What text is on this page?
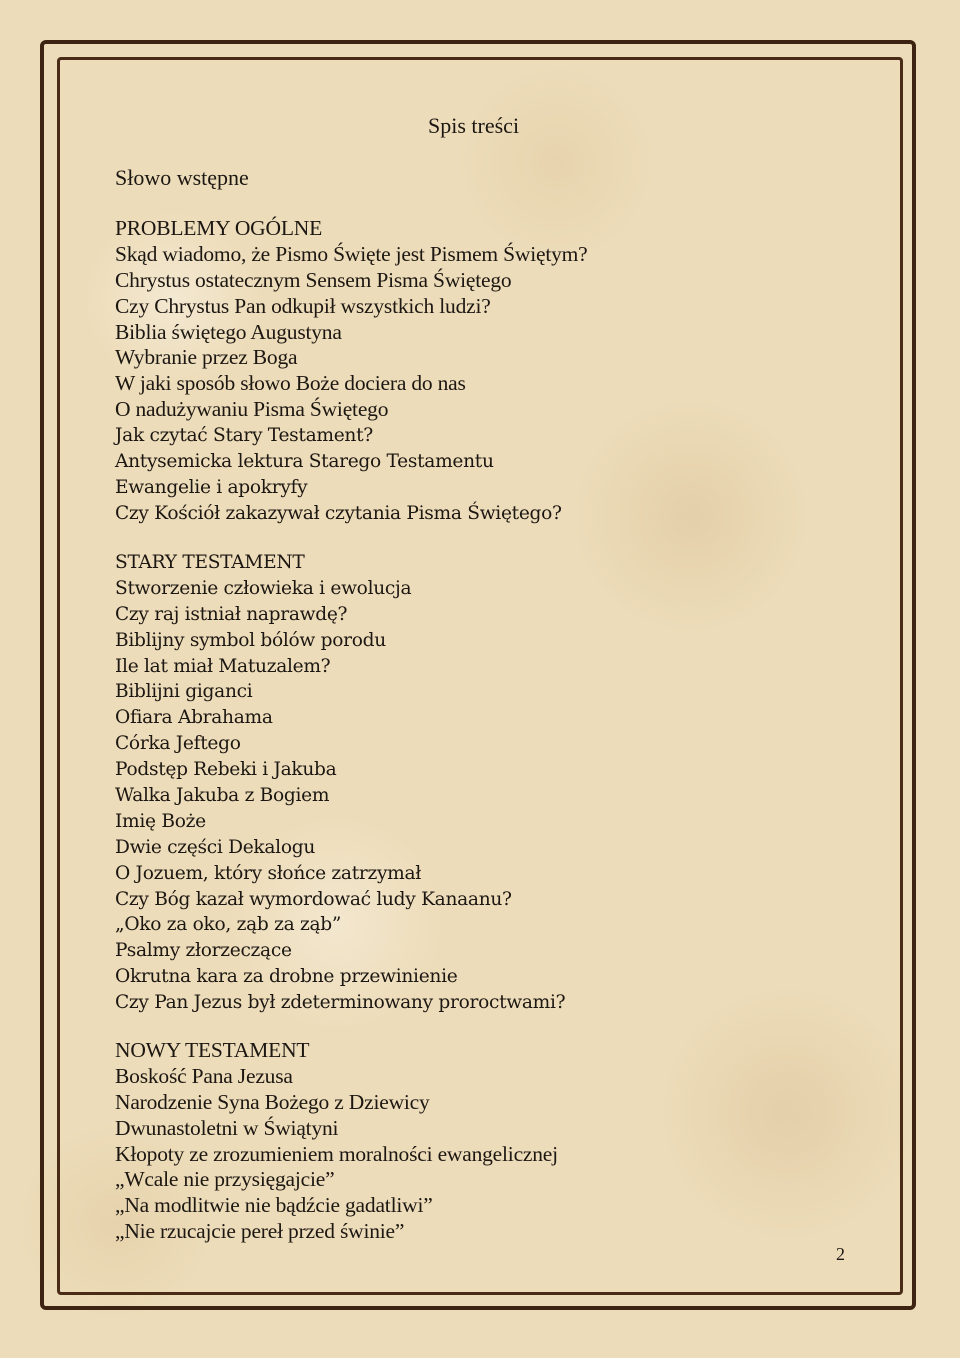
Spis treści
Słowo wstępne
PROBLEMY OGÓLNE
Skąd wiadomo, że Pismo Święte jest Pismem Świętym?
Chrystus ostatecznym Sensem Pisma Świętego
Czy Chrystus Pan odkupił wszystkich ludzi?
Biblia świętego Augustyna
Wybranie przez Boga
W jaki sposób słowo Boże dociera do nas
O nadużywaniu Pisma Świętego
Jak czytać Stary Testament?
Antysemicka lektura Starego Testamentu
Ewangelie i apokryfy
Czy Kościół zakazywał czytania Pisma Świętego?
STARY TESTAMENT
Stworzenie człowieka i ewolucja
Czy raj istniał naprawdę?
Biblijny symbol bólów porodu
Ile lat miał Matuzalem?
Biblijni giganci
Ofiara Abrahama
Córka Jeftego
Podstęp Rebeki i Jakuba
Walka Jakuba z Bogiem
Imię Boże
Dwie części Dekalogu
O Jozuem, który słońce zatrzymał
Czy Bóg kazał wymordować ludy Kanaanu?
„Oko za oko, ząb za ząb”
Psalmy złorzeczące
Okrutna kara za drobne przewinienie
Czy Pan Jezus był zdeterminowany proroctwami?
NOWY TESTAMENT
Boskość Pana Jezusa
Narodzenie Syna Bożego z Dziewicy
Dwunastoletni w Świątyni
Kłopoty ze zrozumieniem moralności ewangelicznej
„Wcale nie przysięgajcie”
„Na modlitwie nie bądźcie gadatliwi”
„Nie rzucajcie pereł przed świnie”
2
